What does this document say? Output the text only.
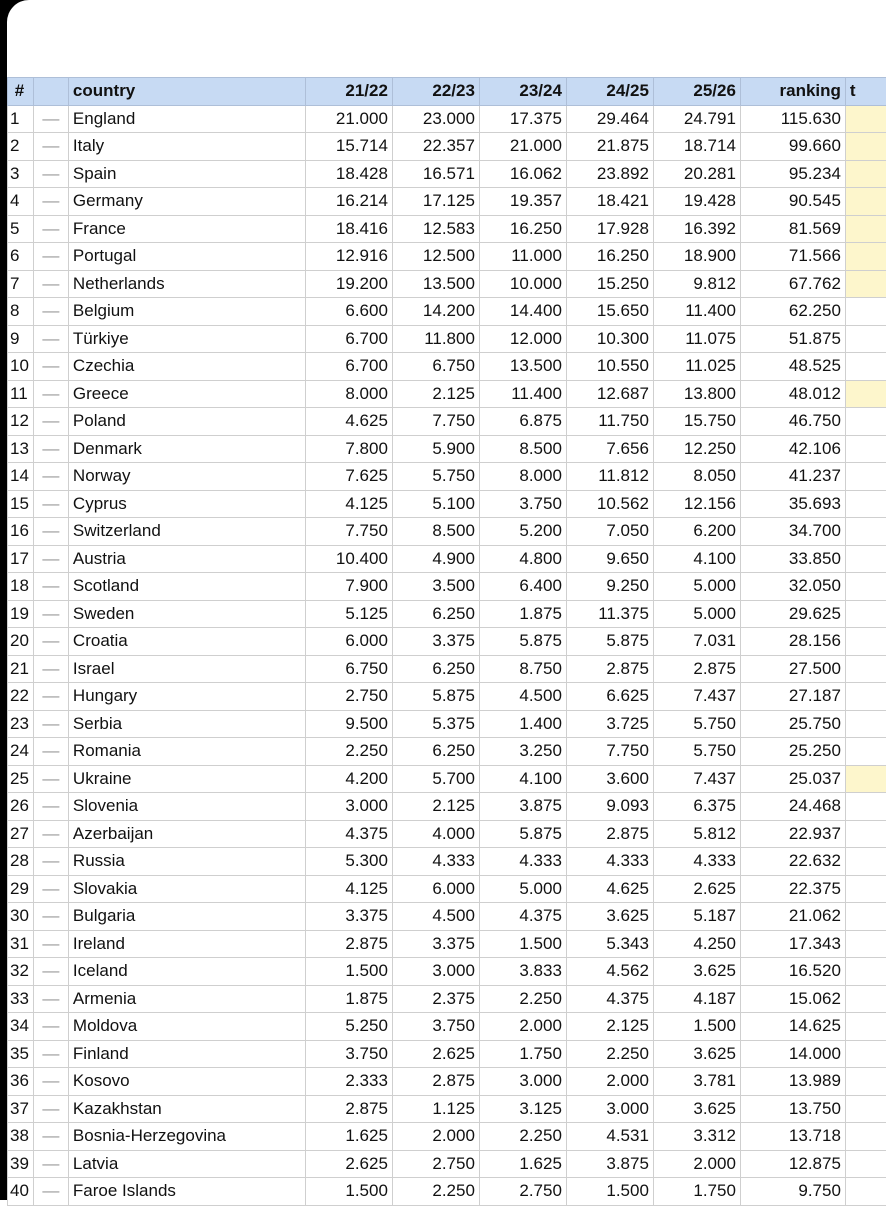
#		country	21/22	22/23	23/24	24/25	25/26	ranking	t
1	—	England	21.000	23.000	17.375	29.464	24.791	115.630	
2	—	Italy	15.714	22.357	21.000	21.875	18.714	99.660	
3	—	Spain	18.428	16.571	16.062	23.892	20.281	95.234	
4	—	Germany	16.214	17.125	19.357	18.421	19.428	90.545	
5	—	France	18.416	12.583	16.250	17.928	16.392	81.569	
6	—	Portugal	12.916	12.500	11.000	16.250	18.900	71.566	
7	—	Netherlands	19.200	13.500	10.000	15.250	9.812	67.762	
8	—	Belgium	6.600	14.200	14.400	15.650	11.400	62.250	
9	—	Türkiye	6.700	11.800	12.000	10.300	11.075	51.875	
10	—	Czechia	6.700	6.750	13.500	10.550	11.025	48.525	
11	—	Greece	8.000	2.125	11.400	12.687	13.800	48.012	
12	—	Poland	4.625	7.750	6.875	11.750	15.750	46.750	
13	—	Denmark	7.800	5.900	8.500	7.656	12.250	42.106	
14	—	Norway	7.625	5.750	8.000	11.812	8.050	41.237	
15	—	Cyprus	4.125	5.100	3.750	10.562	12.156	35.693	
16	—	Switzerland	7.750	8.500	5.200	7.050	6.200	34.700	
17	—	Austria	10.400	4.900	4.800	9.650	4.100	33.850	
18	—	Scotland	7.900	3.500	6.400	9.250	5.000	32.050	
19	—	Sweden	5.125	6.250	1.875	11.375	5.000	29.625	
20	—	Croatia	6.000	3.375	5.875	5.875	7.031	28.156	
21	—	Israel	6.750	6.250	8.750	2.875	2.875	27.500	
22	—	Hungary	2.750	5.875	4.500	6.625	7.437	27.187	
23	—	Serbia	9.500	5.375	1.400	3.725	5.750	25.750	
24	—	Romania	2.250	6.250	3.250	7.750	5.750	25.250	
25	—	Ukraine	4.200	5.700	4.100	3.600	7.437	25.037	
26	—	Slovenia	3.000	2.125	3.875	9.093	6.375	24.468	
27	—	Azerbaijan	4.375	4.000	5.875	2.875	5.812	22.937	
28	—	Russia	5.300	4.333	4.333	4.333	4.333	22.632	
29	—	Slovakia	4.125	6.000	5.000	4.625	2.625	22.375	
30	—	Bulgaria	3.375	4.500	4.375	3.625	5.187	21.062	
31	—	Ireland	2.875	3.375	1.500	5.343	4.250	17.343	
32	—	Iceland	1.500	3.000	3.833	4.562	3.625	16.520	
33	—	Armenia	1.875	2.375	2.250	4.375	4.187	15.062	
34	—	Moldova	5.250	3.750	2.000	2.125	1.500	14.625	
35	—	Finland	3.750	2.625	1.750	2.250	3.625	14.000	
36	—	Kosovo	2.333	2.875	3.000	2.000	3.781	13.989	
37	—	Kazakhstan	2.875	1.125	3.125	3.000	3.625	13.750	
38	—	Bosnia-Herzegovina	1.625	2.000	2.250	4.531	3.312	13.718	
39	—	Latvia	2.625	2.750	1.625	3.875	2.000	12.875	
40	—	Faroe Islands	1.500	2.250	2.750	1.500	1.750	9.750	
